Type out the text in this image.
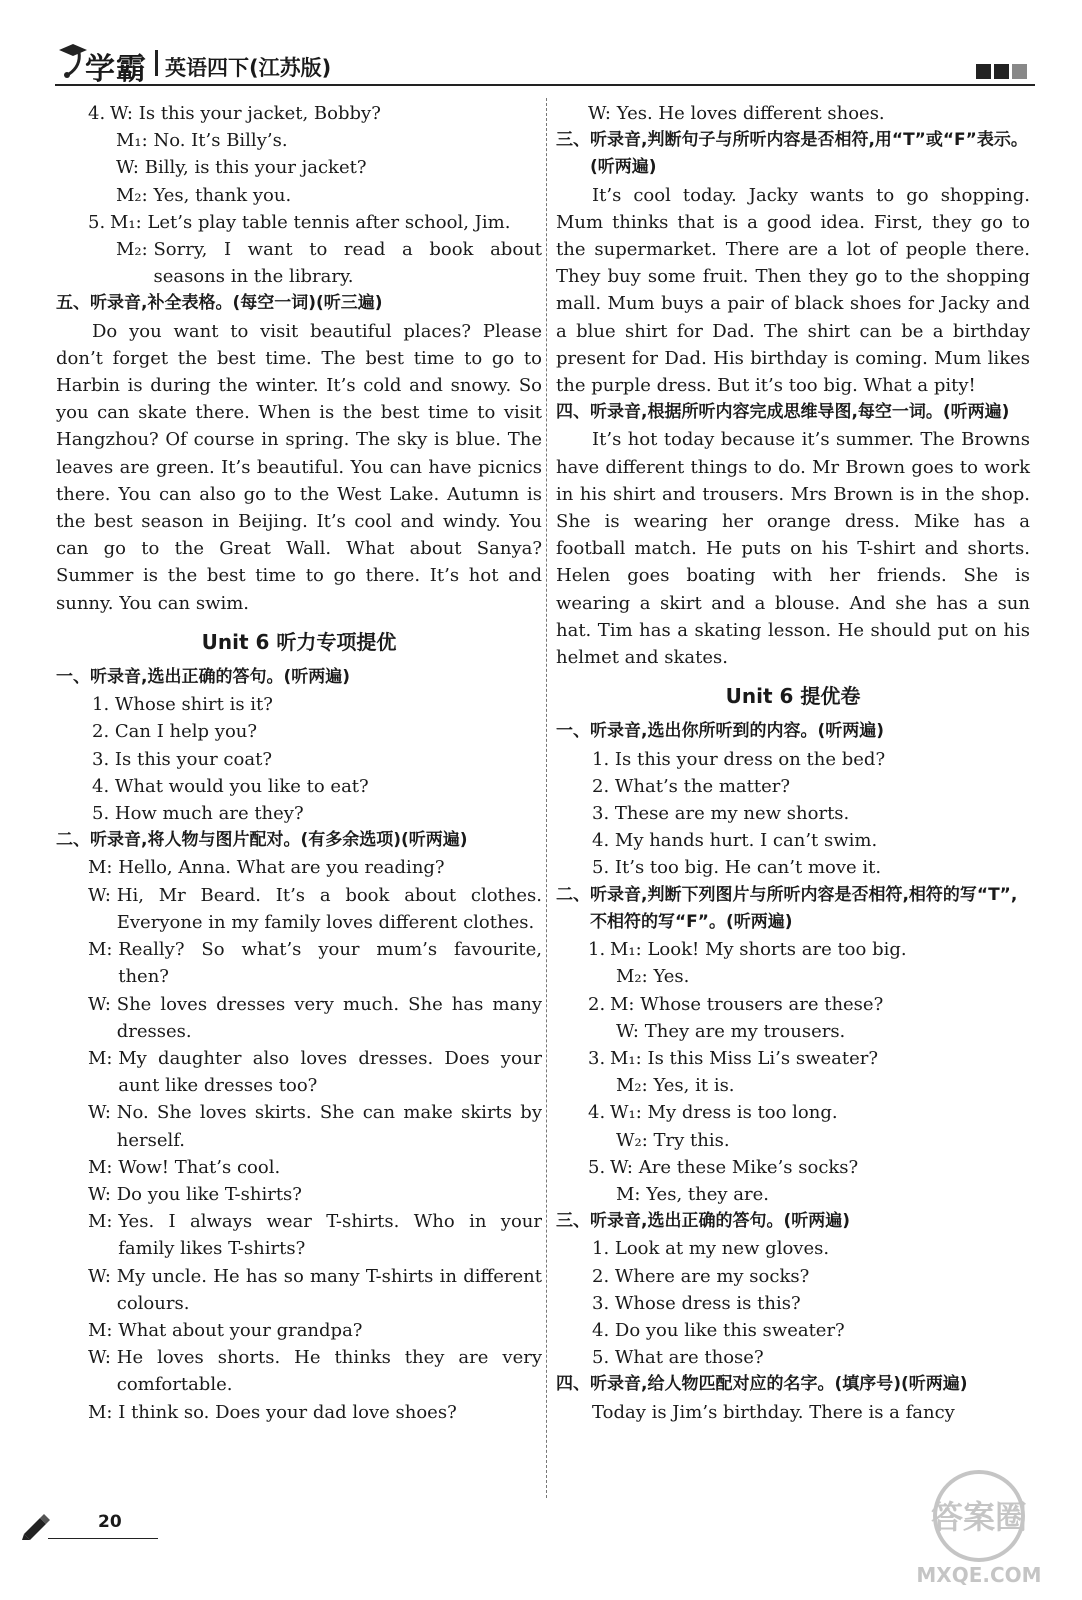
学霸 英语四下(江苏版)
4. W:
Is this your jacket, Bobby?
M₁:
No. It’s Billy’s.
W:
Billy, is this your jacket?
M₂:
Yes, thank you.
5. M₁:
Let’s play table tennis after school, Jim.
M₂:
Sorry, I want to read a book about seasons in the library.
五、 听录音,补全表格。(每空一词)(听三遍)
Do you want to visit beautiful places? Please don’t forget the best time. The best time to go to Harbin is during the winter. It’s cold and snowy. So you can skate there. When is the best time to visit Hangzhou? Of course in spring. The sky is blue. The leaves are green. It’s beautiful. You can have picnics there. You can also go to the West Lake. Autumn is the best season in Beijing. It’s cool and windy. You can go to the Great Wall. What about Sanya? Summer is the best time to go there. It’s hot and sunny. You can swim.
Unit 6 听力专项提优
一、 听录音,选出正确的答句。(听两遍)
1. Whose shirt is it?
2. Can I help you?
3. Is this your coat?
4. What would you like to eat?
5. How much are they?
二、 听录音,将人物与图片配对。(有多余选项)(听两遍)
M:
Hello, Anna. What are you reading?
W:
Hi, Mr Beard. It’s a book about clothes. Everyone in my family loves different clothes.
M:
Really? So what’s your mum’s favourite, then?
W:
She loves dresses very much. She has many dresses.
M:
My daughter also loves dresses. Does your aunt like dresses too?
W:
No. She loves skirts. She can make skirts by herself.
M:
Wow! That’s cool.
W:
Do you like T-shirts?
M:
Yes. I always wear T-shirts. Who in your family likes T-shirts?
W:
My uncle. He has so many T-shirts in different colours.
M:
What about your grandpa?
W:
He loves shorts. He thinks they are very comfortable.
M:
I think so. Does your dad love shoes?
W:
Yes. He loves different shoes.
三、 听录音,判断句子与所听内容是否相符,用“T”或“F”表示。(听两遍)
It’s cool today. Jacky wants to go shopping. Mum thinks that is a good idea. First, they go to the supermarket. There are a lot of people there. They buy some fruit. Then they go to the shopping mall. Mum buys a pair of black shoes for Jacky and a blue shirt for Dad. The shirt can be a birthday present for Dad. His birthday is coming. Mum likes the purple dress. But it’s too big. What a pity!
四、 听录音,根据所听内容完成思维导图,每空一词。(听两遍)
It’s hot today because it’s summer. The Browns have different things to do. Mr Brown goes to work in his shirt and trousers. Mrs Brown is in the shop. She is wearing her orange dress. Mike has a football match. He puts on his T-shirt and shorts. Helen goes boating with her friends. She is wearing a skirt and a blouse. And she has a sun hat. Tim has a skating lesson. He should put on his helmet and skates.
Unit 6 提优卷
一、 听录音,选出你所听到的内容。(听两遍)
1. Is this your dress on the bed?
2. What’s the matter?
3. These are my new shorts.
4. My hands hurt. I can’t swim.
5. It’s too big. He can’t move it.
二、 听录音,判断下列图片与所听内容是否相符,相符的写“T”,不相符的写“F”。(听两遍)
1. M₁:
Look! My shorts are too big.
M₂:
Yes.
2. M:
Whose trousers are these?
W:
They are my trousers.
3. M₁:
Is this Miss Li’s sweater?
M₂:
Yes, it is.
4. W₁:
My dress is too long.
W₂:
Try this.
5. W:
Are these Mike’s socks?
M:
Yes, they are.
三、 听录音,选出正确的答句。(听两遍)
1. Look at my new gloves.
2. Where are my socks?
3. Whose dress is this?
4. Do you like this sweater?
5. What are those?
四、 听录音,给人物匹配对应的名字。(填序号)(听两遍)
Today is Jim’s birthday. There is a fancy
20	答案圈
MXQE.COM
